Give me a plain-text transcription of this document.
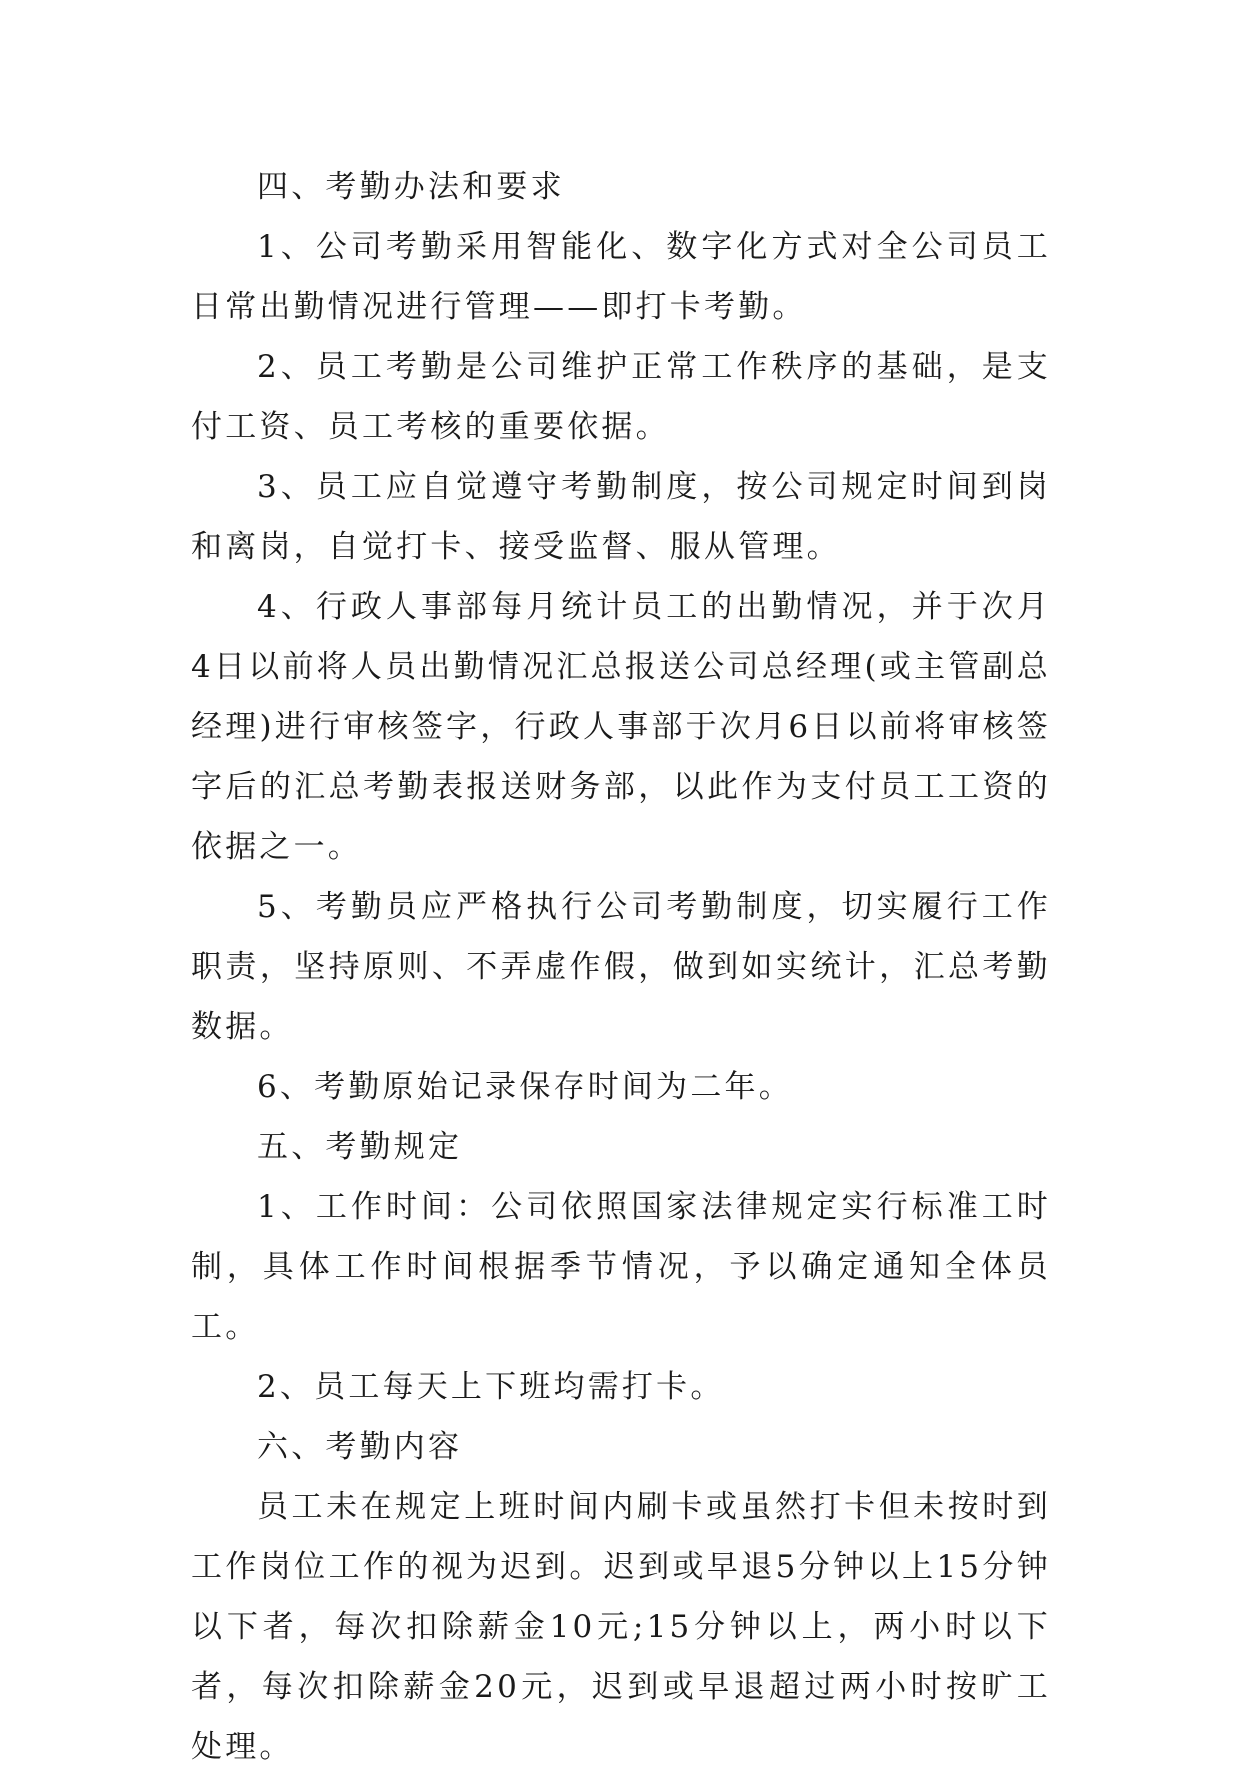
四、考勤办法和要求

1、公司考勤采用智能化、数字化方式对全公司员工日常出勤情况进行管理——即打卡考勤。

2、员工考勤是公司维护正常工作秩序的基础，是支付工资、员工考核的重要依据。

3、员工应自觉遵守考勤制度，按公司规定时间到岗和离岗，自觉打卡、接受监督、服从管理。

4、行政人事部每月统计员工的出勤情况，并于次月4日以前将人员出勤情况汇总报送公司总经理(或主管副总经理)进行审核签字，行政人事部于次月6日以前将审核签字后的汇总考勤表报送财务部，以此作为支付员工工资的依据之一。

5、考勤员应严格执行公司考勤制度，切实履行工作职责，坚持原则、不弄虚作假，做到如实统计，汇总考勤数据。

6、考勤原始记录保存时间为二年。

五、考勤规定

1、工作时间：公司依照国家法律规定实行标准工时制，具体工作时间根据季节情况，予以确定通知全体员工。

2、员工每天上下班均需打卡。

六、考勤内容

员工未在规定上班时间内刷卡或虽然打卡但未按时到工作岗位工作的视为迟到。迟到或早退5分钟以上15分钟以下者，每次扣除薪金10元;15分钟以上，两小时以下者，每次扣除薪金20元，迟到或早退超过两小时按旷工处理。
